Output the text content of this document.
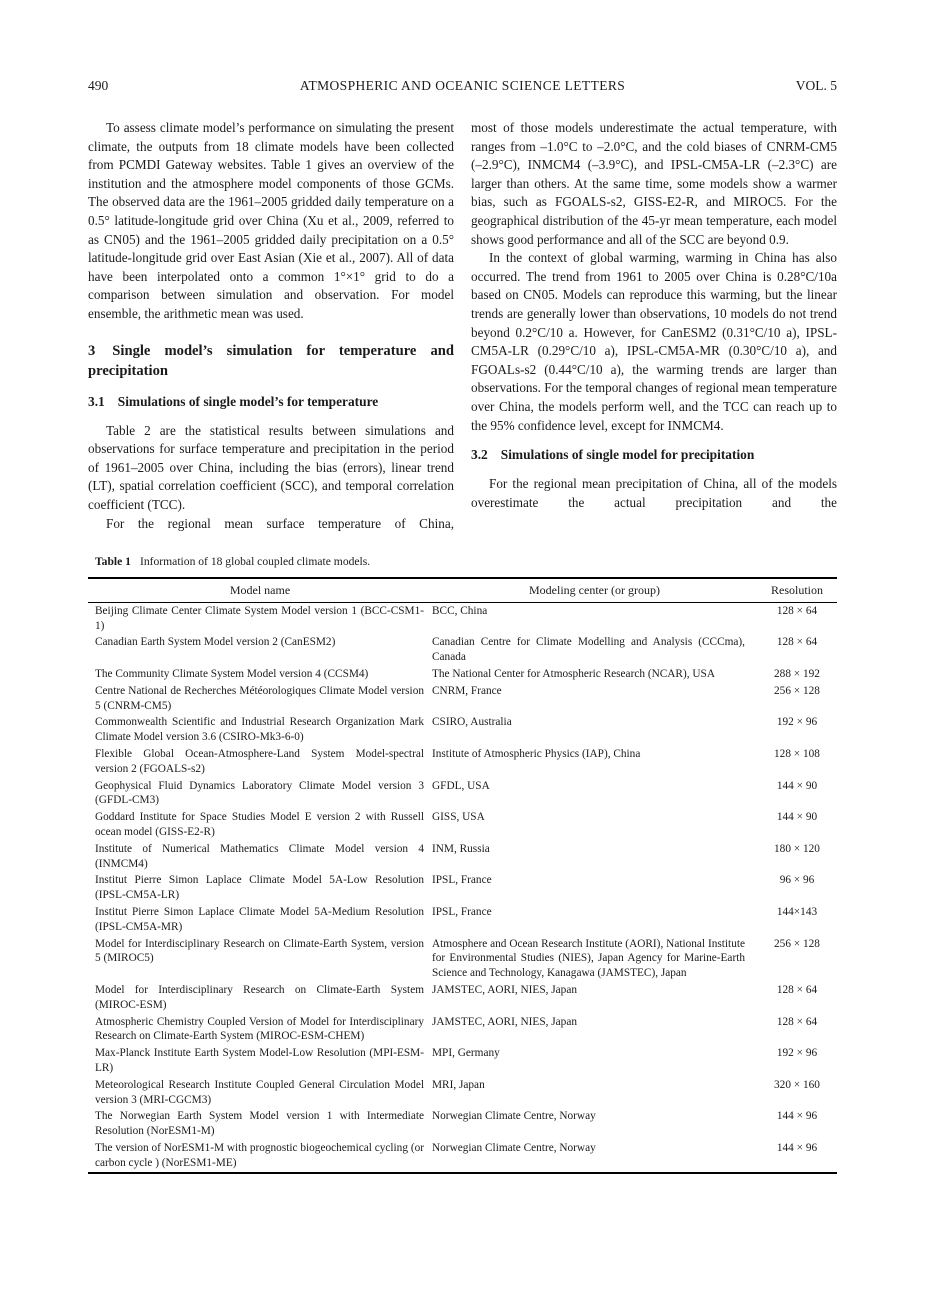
490	ATMOSPHERIC AND OCEANIC SCIENCE LETTERS	VOL. 5

To assess climate model’s performance on simulating the present climate, the outputs from 18 climate models have been collected from PCMDI Gateway websites. Table 1 gives an overview of the institution and the atmosphere model components of those GCMs. The observed data are the 1961–2005 gridded daily temperature on a 0.5° latitude-longitude grid over China (Xu et al., 2009, referred to as CN05) and the 1961–2005 gridded daily precipitation on a 0.5° latitude-longitude grid over East Asian (Xie et al., 2007). All of data have been interpolated onto a common 1°×1° grid to do a comparison between simulation and observation. For model ensemble, the arithmetic mean was used.

3 Single model’s simulation for temperature and precipitation
3.1 Simulations of single model’s for temperature

Table 2 are the statistical results between simulations and observations for surface temperature and precipitation in the period of 1961–2005 over China, including the bias (errors), linear trend (LT), spatial correlation coefficient (SCC), and temporal correlation coefficient (TCC).

For the regional mean surface temperature of China,

most of those models underestimate the actual temperature, with ranges from –1.0°C to –2.0°C, and the cold biases of CNRM-CM5 (–2.9°C), INMCM4 (–3.9°C), and IPSL-CM5A-LR (–2.3°C) are larger than others. At the same time, some models show a warmer bias, such as FGOALS-s2, GISS-E2-R, and MIROC5. For the geographical distribution of the 45-yr mean temperature, each model shows good performance and all of the SCC are beyond 0.9.

In the context of global warming, warming in China has also occurred. The trend from 1961 to 2005 over China is 0.28°C/10a based on CN05. Models can reproduce this warming, but the linear trends are generally lower than observations, 10 models do not trend beyond 0.2°C/10 a. However, for CanESM2 (0.31°C/10 a), IPSL-CM5A-LR (0.29°C/10 a), IPSL-CM5A-MR (0.30°C/10 a), and FGOALs-s2 (0.44°C/10 a), the warming trends are larger than observations. For the temporal changes of regional mean temperature over China, the models perform well, and the TCC can reach up to the 95% confidence level, except for INMCM4.

3.2 Simulations of single model for precipitation

For the regional mean precipitation of China, all of the models overestimate the actual precipitation and the

Table 1 Information of 18 global coupled climate models.
Model name	Modeling center (or group)	Resolution
Beijing Climate Center Climate System Model version 1 (BCC-CSM1-1)	BCC, China	128 × 64
Canadian Earth System Model version 2 (CanESM2)	Canadian Centre for Climate Modelling and Analysis (CCCma), Canada	128 × 64
The Community Climate System Model version 4 (CCSM4)	The National Center for Atmospheric Research (NCAR), USA	288 × 192
Centre National de Recherches Météorologiques Climate Model version 5 (CNRM-CM5)	CNRM, France	256 × 128
Commonwealth Scientific and Industrial Research Organization Mark Climate Model version 3.6 (CSIRO-Mk3-6-0)	CSIRO, Australia	192 × 96
Flexible Global Ocean-Atmosphere-Land System Model-spectral version 2 (FGOALS-s2)	Institute of Atmospheric Physics (IAP), China	128 × 108
Geophysical Fluid Dynamics Laboratory Climate Model version 3 (GFDL-CM3)	GFDL, USA	144 × 90
Goddard Institute for Space Studies Model E version 2 with Russell ocean model (GISS-E2-R)	GISS, USA	144 × 90
Institute of Numerical Mathematics Climate Model version 4 (INMCM4)	INM, Russia	180 × 120
Institut Pierre Simon Laplace Climate Model 5A-Low Resolution (IPSL-CM5A-LR)	IPSL, France	96 × 96
Institut Pierre Simon Laplace Climate Model 5A-Medium Resolution (IPSL-CM5A-MR)	IPSL, France	144×143
Model for Interdisciplinary Research on Climate-Earth System, version 5 (MIROC5)	Atmosphere and Ocean Research Institute (AORI), National Institute for Environmental Studies (NIES), Japan Agency for Marine-Earth Science and Technology, Kanagawa (JAMSTEC), Japan	256 × 128
Model for Interdisciplinary Research on Climate-Earth System (MIROC-ESM)	JAMSTEC, AORI, NIES, Japan	128 × 64
Atmospheric Chemistry Coupled Version of Model for Interdisciplinary Research on Climate-Earth System (MIROC-ESM-CHEM)	JAMSTEC, AORI, NIES, Japan	128 × 64
Max-Planck Institute Earth System Model-Low Resolution (MPI-ESM-LR)	MPI, Germany	192 × 96
Meteorological Research Institute Coupled General Circulation Model version 3 (MRI-CGCM3)	MRI, Japan	320 × 160
The Norwegian Earth System Model version 1 with Intermediate Resolution (NorESM1-M)	Norwegian Climate Centre, Norway	144 × 96
The version of NorESM1-M with prognostic biogeochemical cycling (or carbon cycle ) (NorESM1-ME)	Norwegian Climate Centre, Norway	144 × 96
